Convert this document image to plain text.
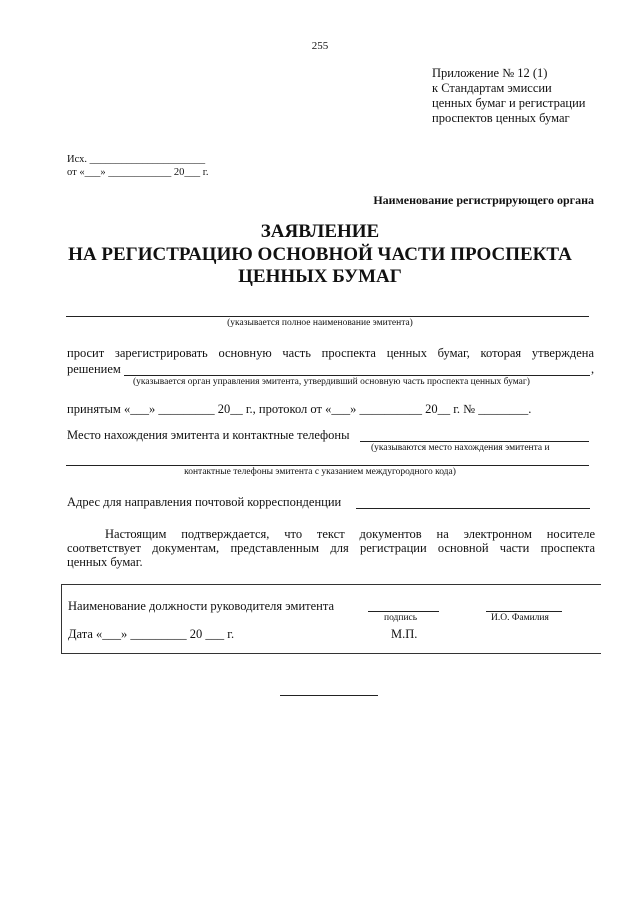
255
Приложение № 12 (1)
к Стандартам эмиссии
ценных бумаг и регистрации
проспектов ценных бумаг
Исх. ______________________
от «___» ____________ 20___ г.
Наименование регистрирующего органа
ЗАЯВЛЕНИЕ
НА РЕГИСТРАЦИЮ ОСНОВНОЙ ЧАСТИ ПРОСПЕКТА
ЦЕННЫХ БУМАГ
(указывается полное наименование эмитента)
просит зарегистрировать основную часть проспекта ценных бумаг, которая утверждена
решением	,
(указывается орган управления эмитента, утвердивший основную часть проспекта ценных бумаг)
принятым «___» _________ 20__ г., протокол от «___» __________ 20__ г. № ________.
Место нахождения эмитента и контактные телефоны
(указываются место нахождения эмитента и
контактные телефоны эмитента с указанием междугородного кода)
Адрес для направления почтовой корреспонденции
Настоящим подтверждается, что текст документов на электронном носителе
соответствует документам, представленным для регистрации основной части проспекта
ценных бумаг.
Наименование должности руководителя эмитента
подпись	И.О. Фамилия
Дата «___» _________ 20 ___ г.	М.П.
